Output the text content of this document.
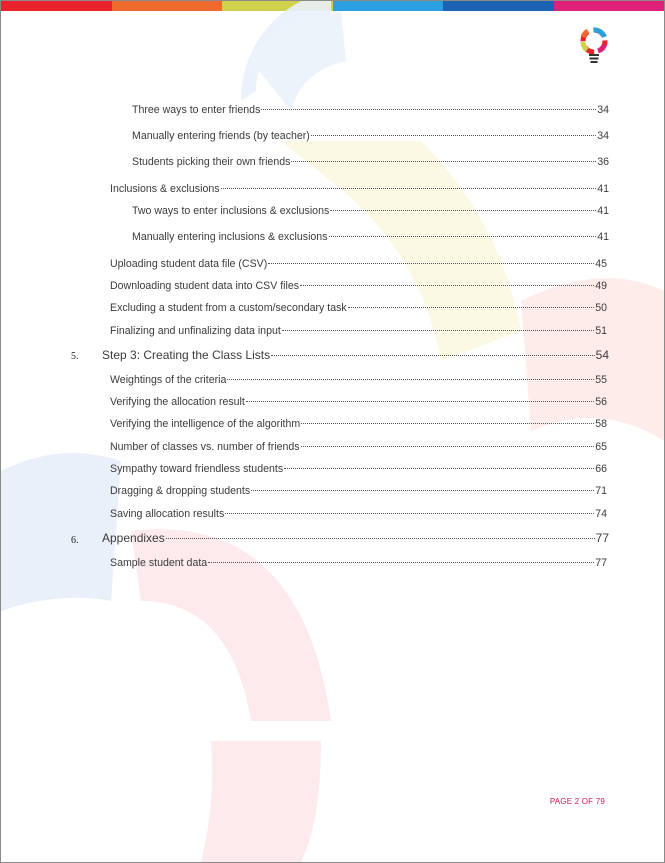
Three ways to enter friends	34
Manually entering friends (by teacher)	34
Students picking their own friends	36
Inclusions & exclusions	41
Two ways to enter inclusions & exclusions	41
Manually entering inclusions & exclusions	41
Uploading student data file (CSV)	45
Downloading student data into CSV files	49
Excluding a student from a custom/secondary task	50
Finalizing and unfinalizing data input	51
5. Step 3: Creating the Class Lists	54
Weightings of the criteria	55
Verifying the allocation result	56
Verifying the intelligence of the algorithm	58
Number of classes vs. number of friends	65
Sympathy toward friendless students	66
Dragging & dropping students	71
Saving allocation results	74
6. Appendixes	77
Sample student data	77
PAGE 2 OF 79
